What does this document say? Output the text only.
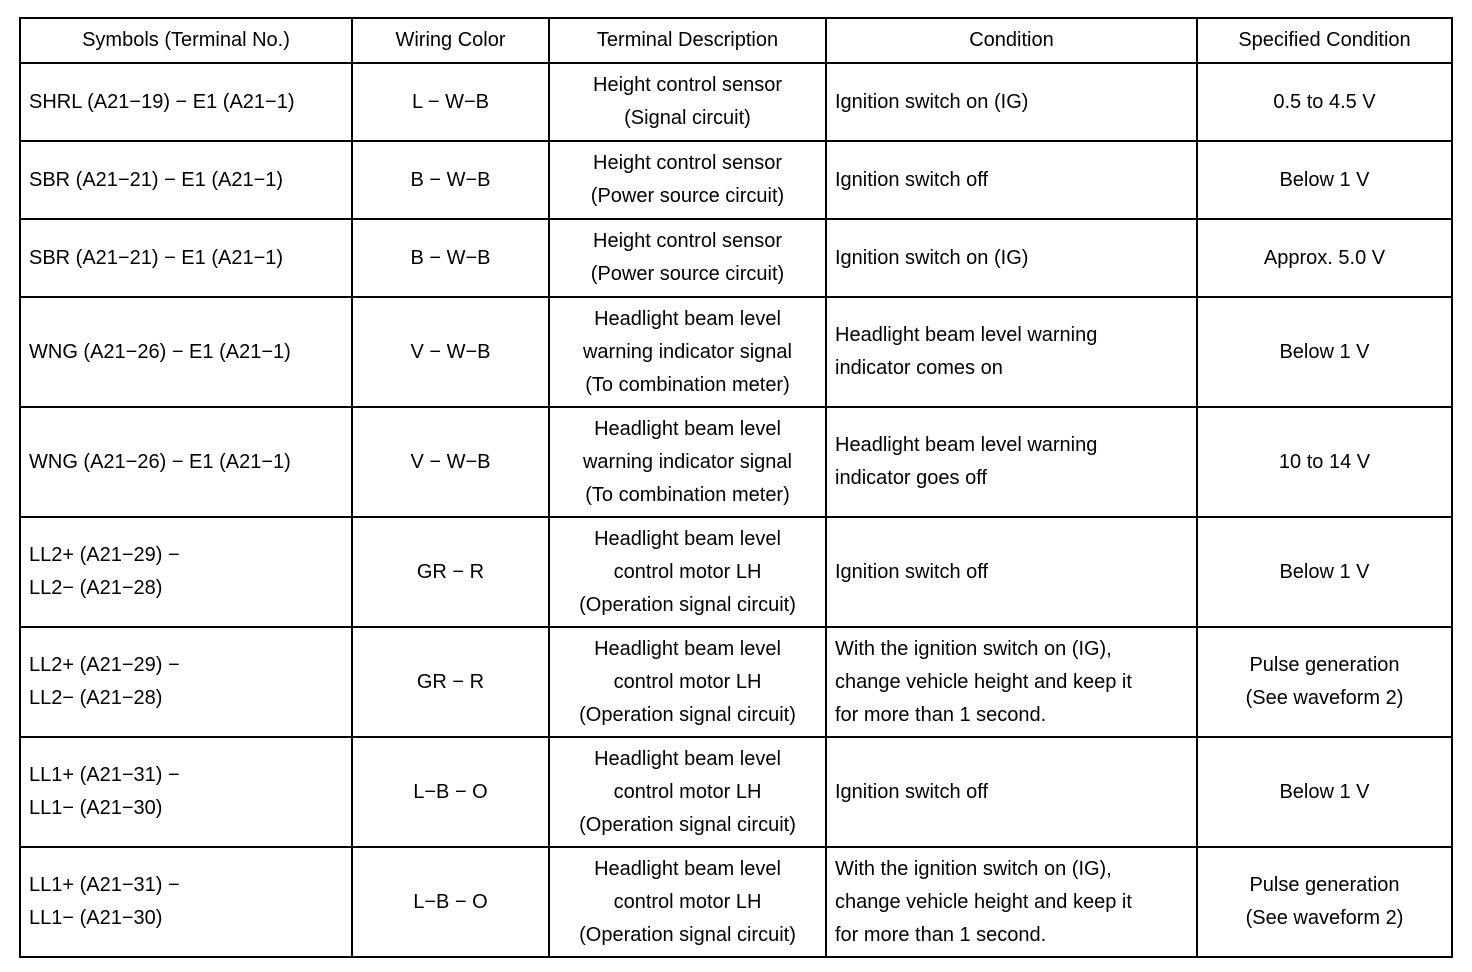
Symbols (Terminal No.)	Wiring Color	Terminal Description	Condition	Specified Condition

SHRL (A21−19) − E1 (A21−1)	L − W−B	Height control sensor
(Signal circuit)	Ignition switch on (IG)	0.5 to 4.5 V

SBR (A21−21) − E1 (A21−1)	B − W−B	Height control sensor
(Power source circuit)	Ignition switch off	Below 1 V

SBR (A21−21) − E1 (A21−1)	B − W−B	Height control sensor
(Power source circuit)	Ignition switch on (IG)	Approx. 5.0 V

WNG (A21−26) − E1 (A21−1)	V − W−B	Headlight beam level
warning indicator signal
(To combination meter)	Headlight beam level warning
indicator comes on	Below 1 V

WNG (A21−26) − E1 (A21−1)	V − W−B	Headlight beam level
warning indicator signal
(To combination meter)	Headlight beam level warning
indicator goes off	10 to 14 V

LL2+ (A21−29) −
LL2− (A21−28)	GR − R	Headlight beam level
control motor LH
(Operation signal circuit)	Ignition switch off	Below 1 V

LL2+ (A21−29) −
LL2− (A21−28)	GR − R	Headlight beam level
control motor LH
(Operation signal circuit)	With the ignition switch on (IG),
change vehicle height and keep it
for more than 1 second.	Pulse generation
(See waveform 2)

LL1+ (A21−31) −
LL1− (A21−30)	L−B − O	Headlight beam level
control motor LH
(Operation signal circuit)	Ignition switch off	Below 1 V

LL1+ (A21−31) −
LL1− (A21−30)	L−B − O	Headlight beam level
control motor LH
(Operation signal circuit)	With the ignition switch on (IG),
change vehicle height and keep it
for more than 1 second.	Pulse generation
(See waveform 2)
